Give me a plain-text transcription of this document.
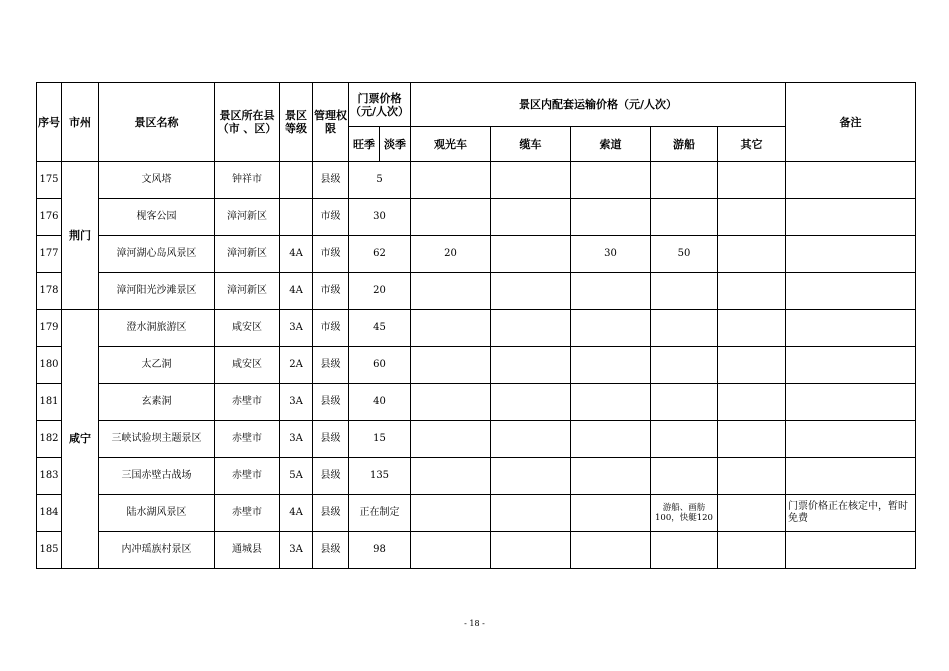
序号	市州	景区名称	景区所在县（市 、区）	景区等级	管理权限	门票价格（元/人次）		景区内配套运输价格（元/人次）					备注
						旺季	淡季	观光车	缆车	索道	游船	其它	
175	荆门	文风塔	钟祥市		县级	5							
176		枧客公园	漳河新区		市级	30							
177		漳河湖心岛风景区	漳河新区	4A	市级	62		20		30	50		
178		漳河阳光沙滩景区	漳河新区	4A	市级	20							
179	咸宁	澄水洞旅游区	咸安区	3A	市级	45							
180		太乙洞	咸安区	2A	县级	60							
181		玄素洞	赤壁市	3A	县级	40							
182		三峡试验坝主题景区	赤壁市	3A	县级	15							
183		三国赤壁古战场	赤壁市	5A	县级	135							
184		陆水湖风景区	赤壁市	4A	县级	正在制定					游船、画舫100，快艇120		门票价格正在核定中，暂时免费
185		内冲瑶族村景区	通城县	3A	县级	98							
- 18 -
